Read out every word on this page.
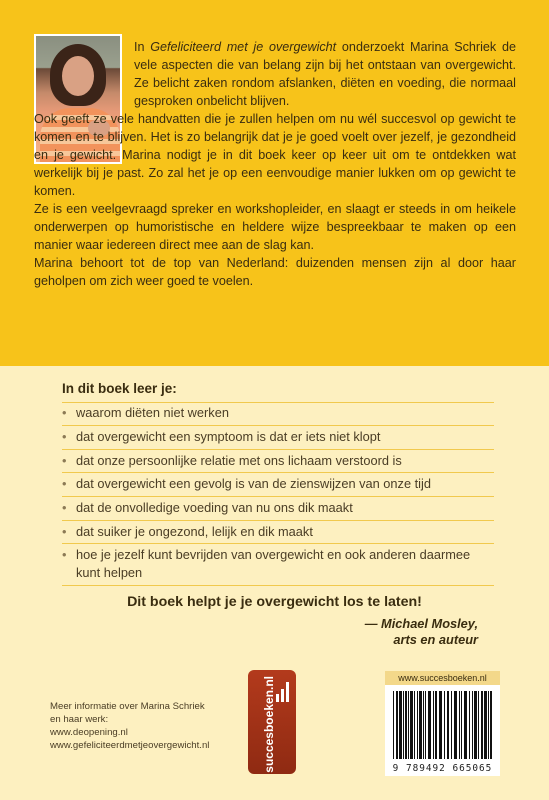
In Gefeliciteerd met je overgewicht onderzoekt Marina Schriek de vele aspecten die van belang zijn bij het ontstaan van overgewicht. Ze belicht zaken rondom afslanken, diëten en voeding, die normaal gesproken onbelicht blijven.

Ook geeft ze vele handvatten die je zullen helpen om nu wél succesvol op gewicht te komen en te blijven. Het is zo belangrijk dat je je goed voelt over jezelf, je gezondheid en je gewicht. Marina nodigt je in dit boek keer op keer uit om te ontdekken wat werkelijk bij je past. Zo zal het je op een eenvoudige manier lukken om op gewicht te komen.

Ze is een veelgevraagd spreker en workshopleider, en slaagt er steeds in om heikele onderwerpen op humoristische en heldere wijze bespreekbaar te maken op een manier waar iedereen direct mee aan de slag kan.

Marina behoort tot de top van Nederland: duizenden mensen zijn al door haar geholpen om zich weer goed te voelen.

In dit boek leer je:
• waarom diëten niet werken
• dat overgewicht een symptoom is dat er iets niet klopt
• dat onze persoonlijke relatie met ons lichaam verstoord is
• dat overgewicht een gevolg is van de zienswijzen van onze tijd
• dat de onvolledige voeding van nu ons dik maakt
• dat suiker je ongezond, lelijk en dik maakt
• hoe je jezelf kunt bevrijden van overgewicht en ook anderen daarmee kunt helpen
Dit boek helpt je je overgewicht los te laten!
— Michael Mosley,
arts en auteur
Meer informatie over Marina Schriek
en haar werk:
www.deopening.nl
www.gefeliciteerdmetjeovergewicht.nl	succesboeken.nl	www.succesboeken.nl
9 789492 665065
